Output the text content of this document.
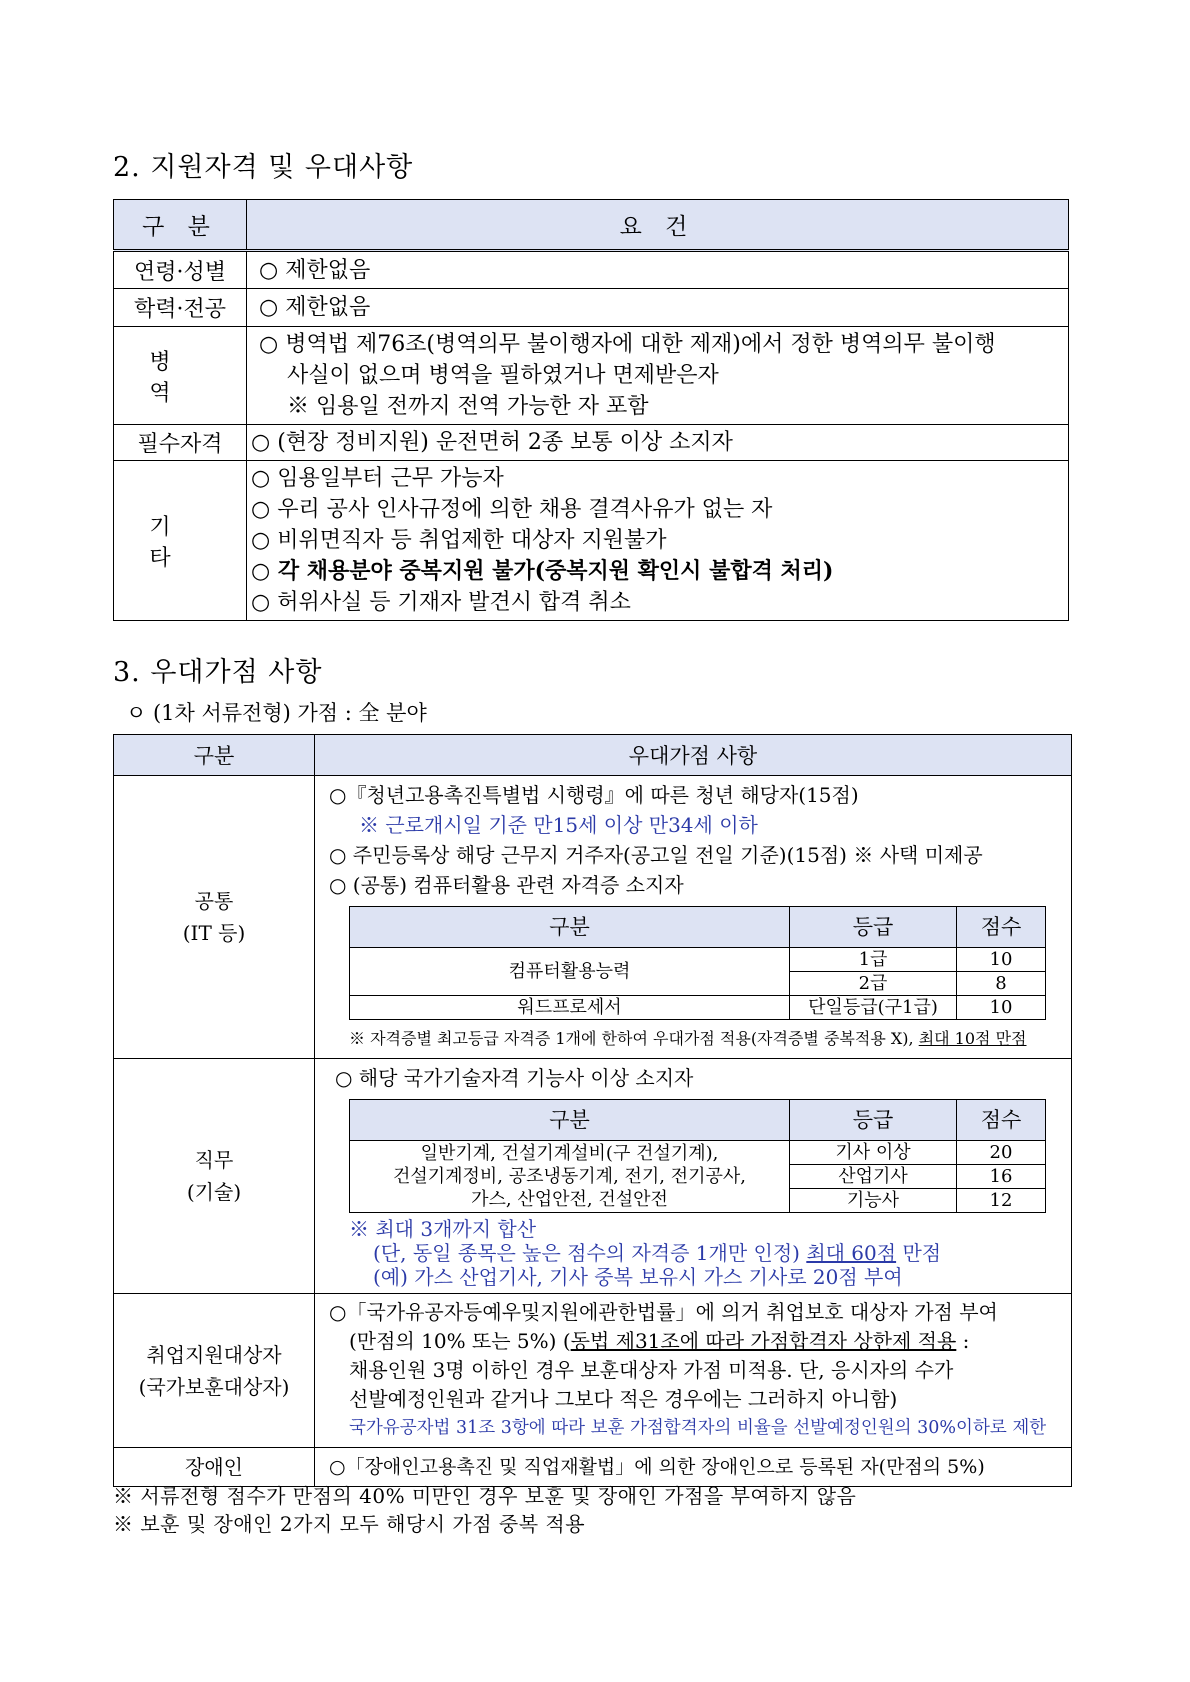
2. 지원자격 및 우대사항
구 분	요 건
연령·성별	○ 제한없음
학력·전공	○ 제한없음
병 역	○ 병역법 제76조(병역의무 불이행자에 대한 제재)에서 정한 병역의무 불이행
사실이 없으며 병역을 필하였거나 면제받은자
※ 임용일 전까지 전역 가능한 자 포함

필수자격	○ (현장 정비지원) 운전면허 2종 보통 이상 소지자
기 타	○ 임용일부터 근무 가능자
○ 우리 공사 인사규정에 의한 채용 결격사유가 없는 자
○ 비위면직자 등 취업제한 대상자 지원불가
○ 각 채용분야 중복지원 불가(중복지원 확인시 불합격 처리)
○ 허위사실 등 기재자 발견시 합격 취소
3. 우대가점 사항
ㅇ (1차 서류전형) 가점 : 全 분야
구분	우대가점 사항

공통
(IT 등)

○『청년고용촉진특별법 시행령』에 따른 청년 해당자(15점)
※ 근로개시일 기준 만15세 이상 만34세 이하
○ 주민등록상 해당 근무지 거주자(공고일 전일 기준)(15점) ※ 사택 미제공
○ (공통) 컴퓨터활용 관련 자격증 소지자
구분	등급	점수
컴퓨터활용능력	1급	10
2급	8
워드프로세서	단일등급(구1급)	10
※ 자격증별 최고등급 자격증 1개에 한하여 우대가점 적용(자격증별 중복적용 X), 최대 10점 만점

직무
(기술)

○ 해당 국가기술자격 기능사 이상 소지자
구분	등급	점수

일반기계, 건설기계설비(구 건설기계),
건설기계정비, 공조냉동기계, 전기, 전기공사,
가스, 산업안전, 건설안전
	기사 이상	20
산업기사	16
기능사	12
※ 최대 3개까지 합산
(단, 동일 종목은 높은 점수의 자격증 1개만 인정) 최대 60점 만점
(예) 가스 산업기사, 기사 중복 보유시 가스 기사로 20점 부여

취업지원대상자
(국가보훈대상자)

○「국가유공자등예우및지원에관한법률」에 의거 취업보호 대상자 가점 부여
(만점의 10% 또는 5%) (동법 제31조에 따라 가점합격자 상한제 적용 :
채용인원 3명 이하인 경우 보훈대상자 가점 미적용. 단, 응시자의 수가
선발예정인원과 같거나 그보다 적은 경우에는 그러하지 아니함)
국가유공자법 31조 3항에 따라 보훈 가점합격자의 비율을 선발예정인원의 30%이하로 제한

장애인	○「장애인고용촉진 및 직업재활법」에 의한 장애인으로 등록된 자(만점의 5%)
※ 서류전형 점수가 만점의 40% 미만인 경우 보훈 및 장애인 가점을 부여하지 않음
※ 보훈 및 장애인 2가지 모두 해당시 가점 중복 적용
